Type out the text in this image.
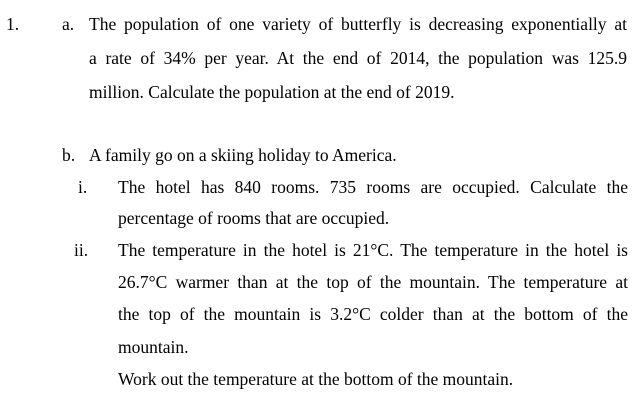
1. a. The population of one variety of butterfly is decreasing exponentially at
a rate of 34% per year. At the end of 2014, the population was 125.9
million. Calculate the population at the end of 2019.
b. A family go on a skiing holiday to America.
i. The hotel has 840 rooms. 735 rooms are occupied. Calculate the
percentage of rooms that are occupied.
ii. The temperature in the hotel is 21°C. The temperature in the hotel is
26.7°C warmer than at the top of the mountain. The temperature at
the top of the mountain is 3.2°C colder than at the bottom of the
mountain.
Work out the temperature at the bottom of the mountain.
